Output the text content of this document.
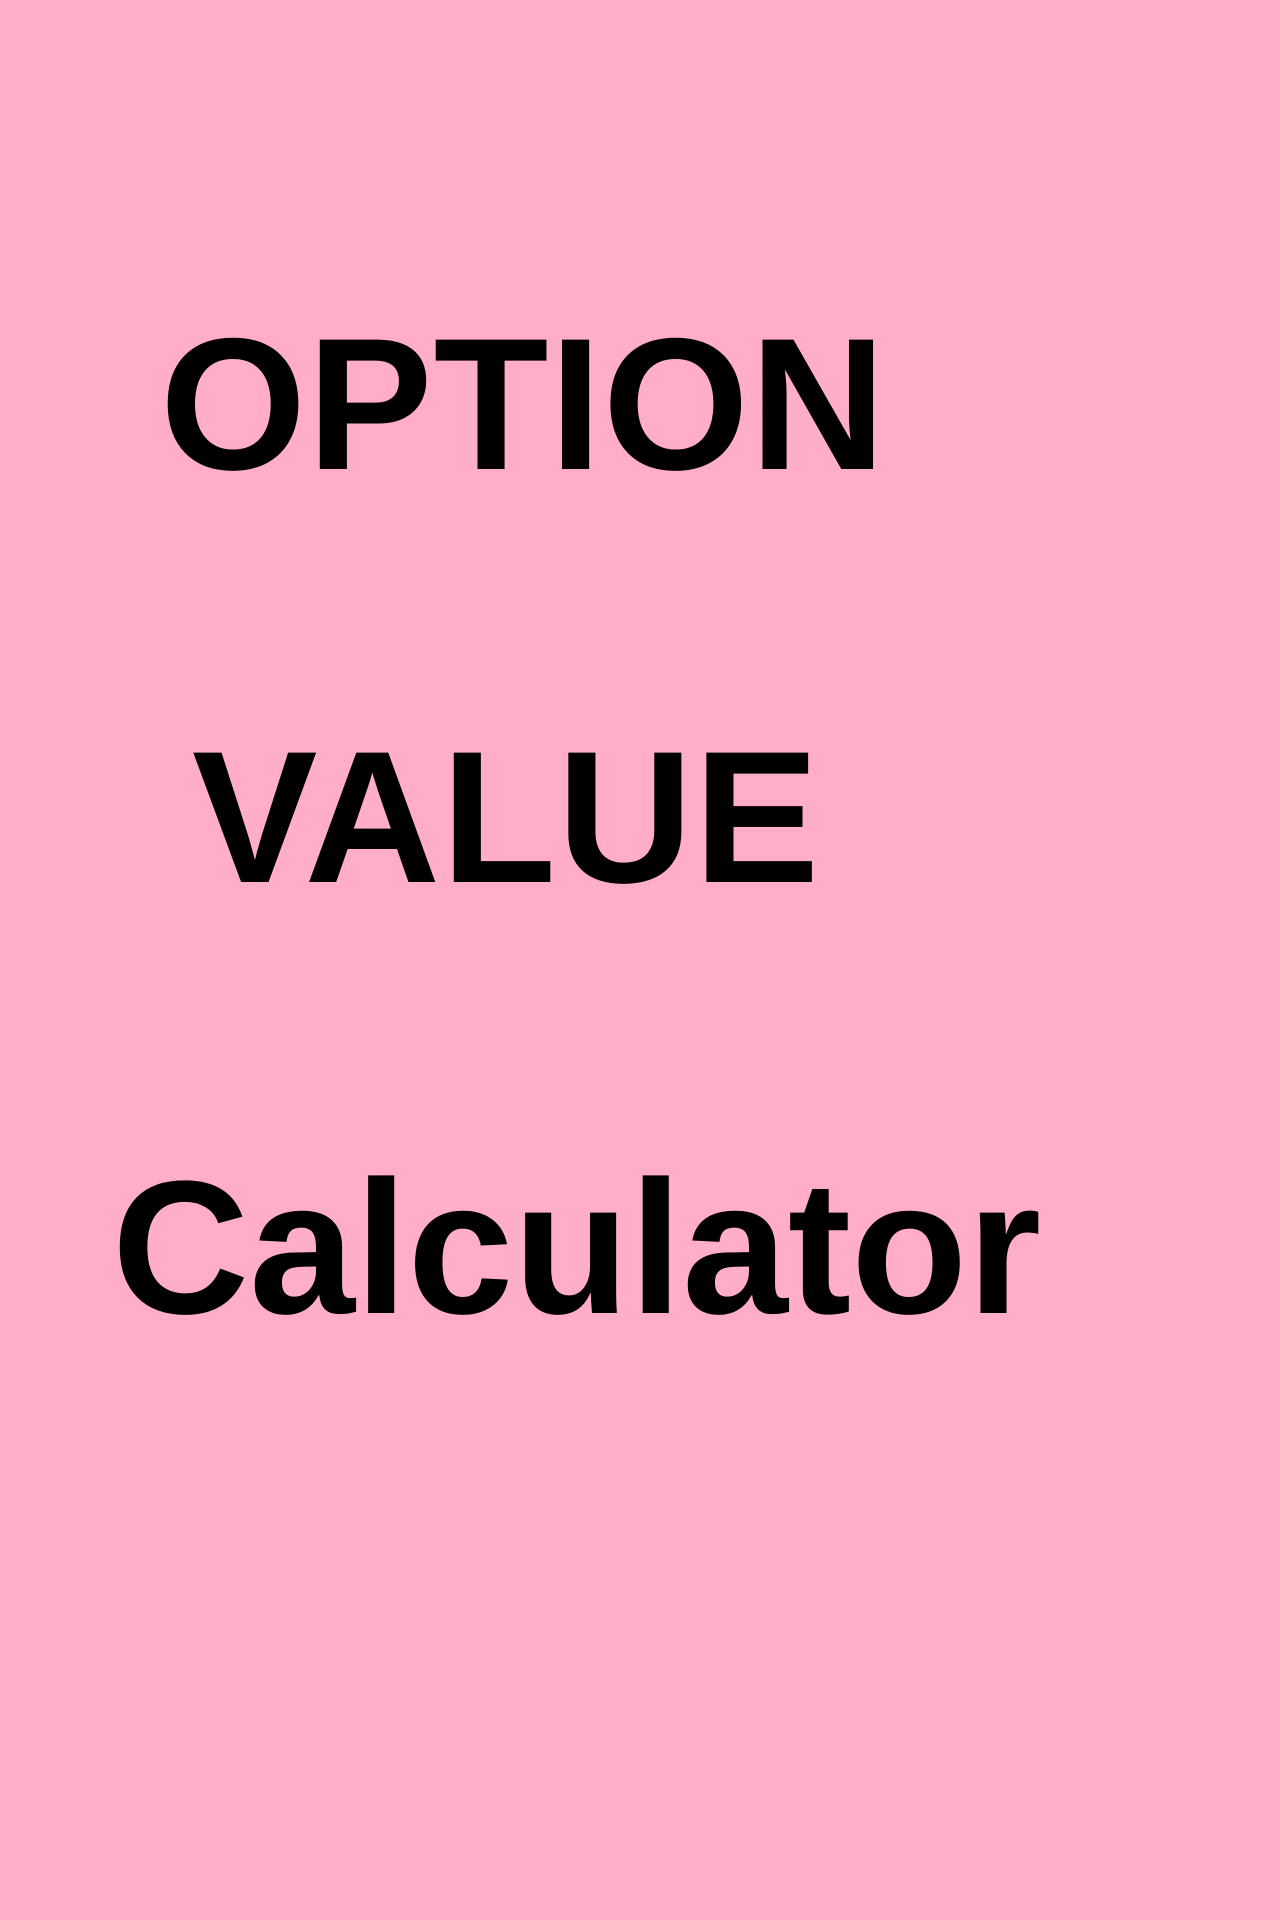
OPTION
VALUE
Calculator
